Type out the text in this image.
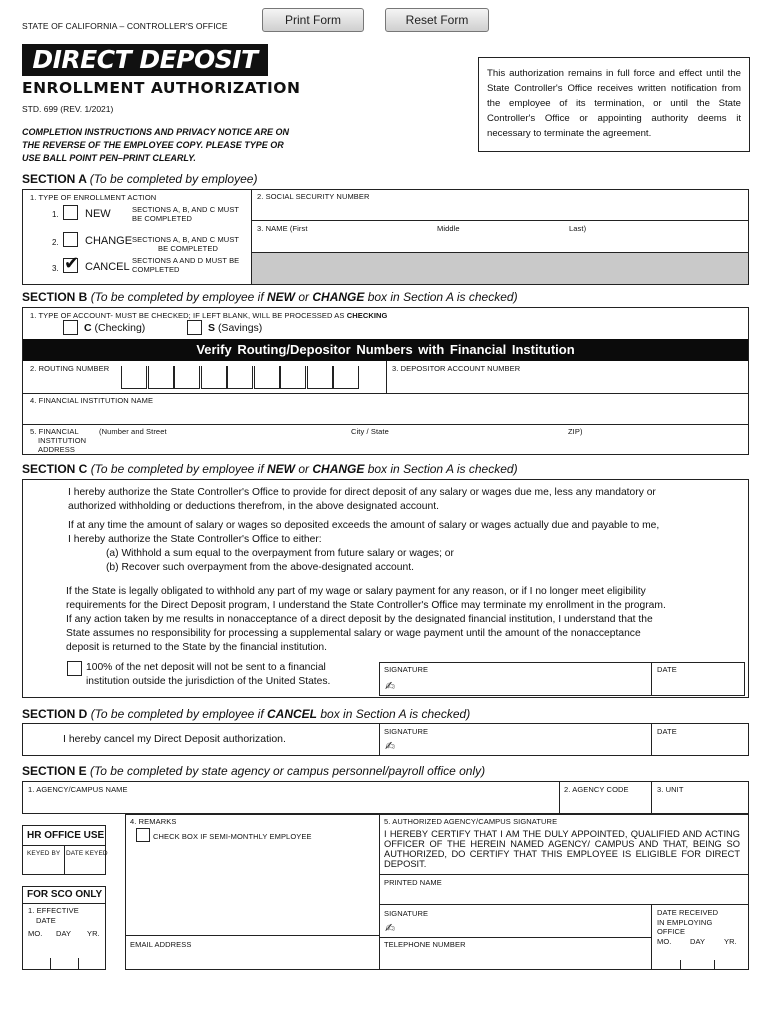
STATE OF CALIFORNIA – CONTROLLER'S OFFICE	Print Form	Reset Form
DIRECT DEPOSIT
ENROLLMENT AUTHORIZATION
STD. 699 (REV. 1/2021)
COMPLETION INSTRUCTIONS AND PRIVACY NOTICE ARE ON
THE REVERSE OF THE EMPLOYEE COPY. PLEASE TYPE OR
USE BALL POINT PEN–PRINT CLEARLY.
This authorization remains in full force and effect until the State Controller's Office receives written notification from the employee of its termination, or until the State Controller's Office or appointing authority deems it necessary to terminate the agreement.
SECTION A (To be completed by employee)
1. TYPE OF ENROLLMENT ACTION
1. NEW	SECTIONS A, B, AND C MUST
BE COMPLETED
2. CHANGE SECTIONS A, B, AND C MUST
BE COMPLETED
3. ✔ CANCEL
SECTIONS A AND D MUST BE
COMPLETED
2. SOCIAL SECURITY NUMBER
3. NAME (First	Middle	Last)
SECTION B (To be completed by employee if NEW or CHANGE box in Section A is checked)
1. TYPE OF ACCOUNT- MUST BE CHECKED; IF LEFT BLANK, WILL BE PROCESSED AS CHECKING
C (Checking)	S (Savings)
Verify Routing/Depositor Numbers with Financial Institution
2. ROUTING NUMBER	3. DEPOSITOR ACCOUNT NUMBER
4. FINANCIAL INSTITUTION NAME
5. FINANCIAL
INSTITUTION
ADDRESS
(Number and Street	City / State	ZIP)
SECTION C (To be completed by employee if NEW or CHANGE box in Section A is checked)
I hereby authorize the State Controller's Office to provide for direct deposit of any salary or wages due me, less any mandatory or
authorized withholding or deductions therefrom, in the above designated account.
If at any time the amount of salary or wages so deposited exceeds the amount of salary or wages actually due and payable to me,
I hereby authorize the State Controller's Office to either:
(a) Withhold a sum equal to the overpayment from future salary or wages; or
(b) Recover such overpayment from the above-designated account.
If the State is legally obligated to withhold any part of my wage or salary payment for any reason, or if I no longer meet eligibility
requirements for the Direct Deposit program, I understand the State Controller's Office may terminate my enrollment in the program.
If any action taken by me results in nonacceptance of a direct deposit by the designated financial institution, I understand that the
State assumes no responsibility for processing a supplemental salary or wage payment until the amount of the nonacceptance
deposit is returned to the State by the financial institution.
100% of the net deposit will not be sent to a financial
institution outside the jurisdiction of the United States.
SIGNATURE	DATE
✍
SECTION D (To be completed by employee if CANCEL box in Section A is checked)
I hereby cancel my Direct Deposit authorization.
SIGNATURE	DATE
✍
SECTION E (To be completed by state agency or campus personnel/payroll office only)
1. AGENCY/CAMPUS NAME	2. AGENCY CODE	3. UNIT
4. REMARKS
CHECK BOX IF SEMI-MONTHLY EMPLOYEE
EMAIL ADDRESS
5. AUTHORIZED AGENCY/CAMPUS SIGNATURE
I HEREBY CERTIFY THAT I AM THE DULY APPOINTED, QUALIFIED AND ACTING OFFICER OF THE HEREIN NAMED AGENCY/ CAMPUS AND THAT, BEING SO AUTHORIZED, DO CERTIFY THAT THIS EMPLOYEE IS ELIGIBLE FOR DIRECT DEPOSIT.
PRINTED NAME
SIGNATURE
✍
TELEPHONE NUMBER
DATE RECEIVED
IN EMPLOYING
OFFICE
MO. DAY	YR.
HR OFFICE USE
KEYED BY DATE KEYED
FOR SCO ONLY
1. EFFECTIVE
DATE
MO. DAY YR.
